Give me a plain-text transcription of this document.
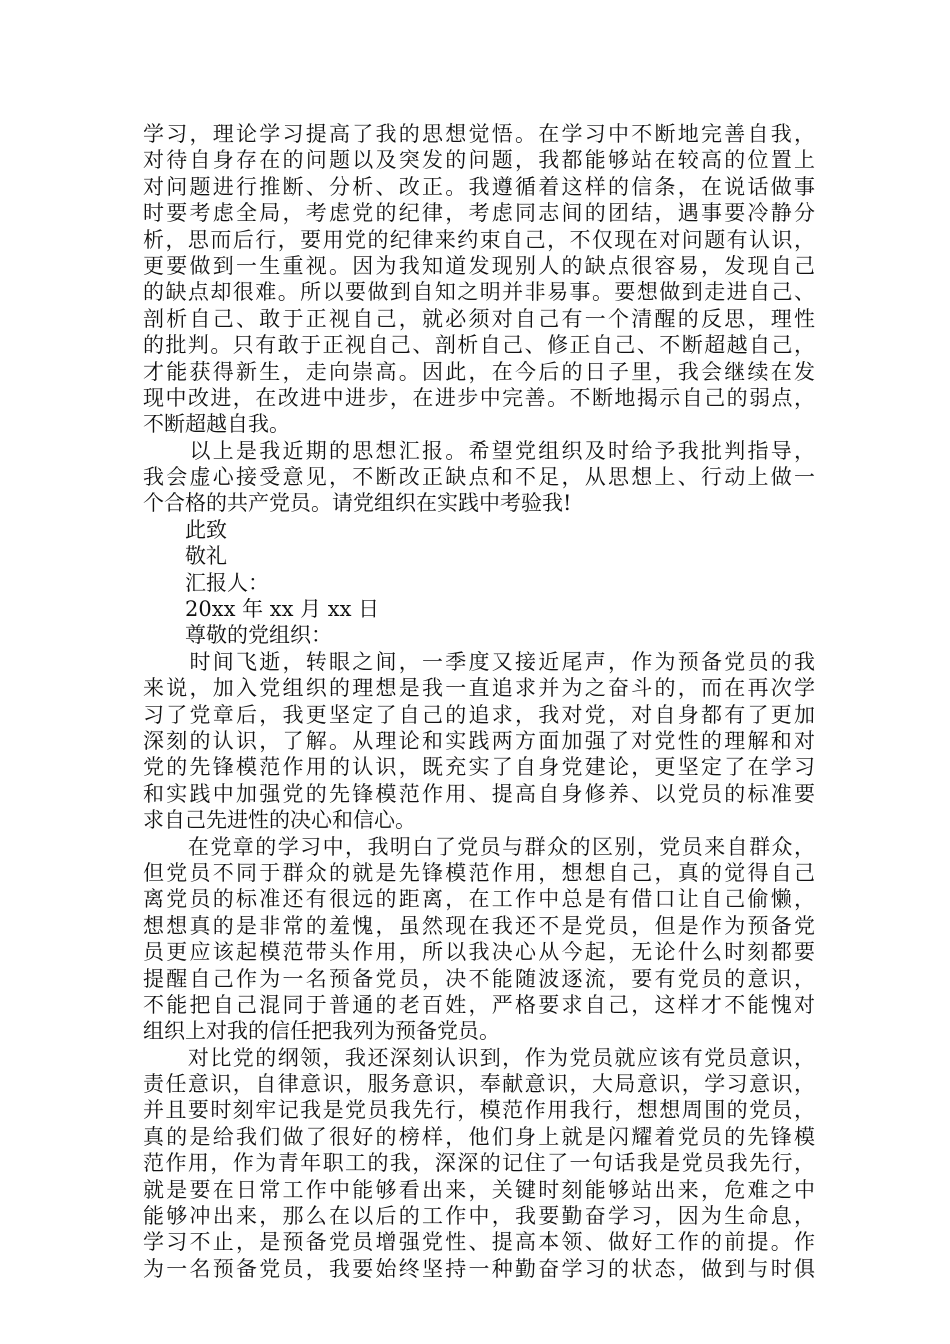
学习，理论学习提高了我的思想觉悟。在学习中不断地完善自我，
对待自身存在的问题以及突发的问题，我都能够站在较高的位置上
对问题进行推断、分析、改正。我遵循着这样的信条，在说话做事
时要考虑全局，考虑党的纪律，考虑同志间的团结，遇事要冷静分
析，思而后行，要用党的纪律来约束自己，不仅现在对问题有认识，
更要做到一生重视。因为我知道发现别人的缺点很容易，发现自己
的缺点却很难。所以要做到自知之明并非易事。要想做到走进自己、
剖析自己、敢于正视自己，就必须对自己有一个清醒的反思，理性
的批判。只有敢于正视自己、剖析自己、修正自己、不断超越自己，
才能获得新生，走向崇高。因此，在今后的日子里，我会继续在发
现中改进，在改进中进步，在进步中完善。不断地揭示自己的弱点，
不断超越自我。
　　以上是我近期的思想汇报。希望党组织及时给予我批判指导，
我会虚心接受意见，不断改正缺点和不足，从思想上、行动上做一
个合格的共产党员。请党组织在实践中考验我!
　　此致
　　敬礼
　　汇报人：
　　20xx 年 xx 月 xx 日
　　尊敬的党组织：
　　时间飞逝，转眼之间，一季度又接近尾声，作为预备党员的我
来说，加入党组织的理想是我一直追求并为之奋斗的，而在再次学
习了党章后，我更坚定了自己的追求，我对党，对自身都有了更加
深刻的认识，了解。从理论和实践两方面加强了对党性的理解和对
党的先锋模范作用的认识，既充实了自身党建论，更坚定了在学习
和实践中加强党的先锋模范作用、提高自身修养、以党员的标准要
求自己先进性的决心和信心。
　　在党章的学习中，我明白了党员与群众的区别，党员来自群众，
但党员不同于群众的就是先锋模范作用，想想自己，真的觉得自己
离党员的标准还有很远的距离，在工作中总是有借口让自己偷懒，
想想真的是非常的羞愧，虽然现在我还不是党员，但是作为预备党
员更应该起模范带头作用，所以我决心从今起，无论什么时刻都要
提醒自己作为一名预备党员，决不能随波逐流，要有党员的意识，
不能把自己混同于普通的老百姓，严格要求自己，这样才不能愧对
组织上对我的信任把我列为预备党员。
　　对比党的纲领，我还深刻认识到，作为党员就应该有党员意识，
责任意识，自律意识，服务意识，奉献意识，大局意识，学习意识，
并且要时刻牢记我是党员我先行，模范作用我行，想想周围的党员，
真的是给我们做了很好的榜样，他们身上就是闪耀着党员的先锋模
范作用，作为青年职工的我，深深的记住了一句话我是党员我先行，
就是要在日常工作中能够看出来，关键时刻能够站出来，危难之中
能够冲出来，那么在以后的工作中，我要勤奋学习，因为生命息，
学习不止，是预备党员增强党性、提高本领、做好工作的前提。作
为一名预备党员，我要始终坚持一种勤奋学习的状态，做到与时俱
